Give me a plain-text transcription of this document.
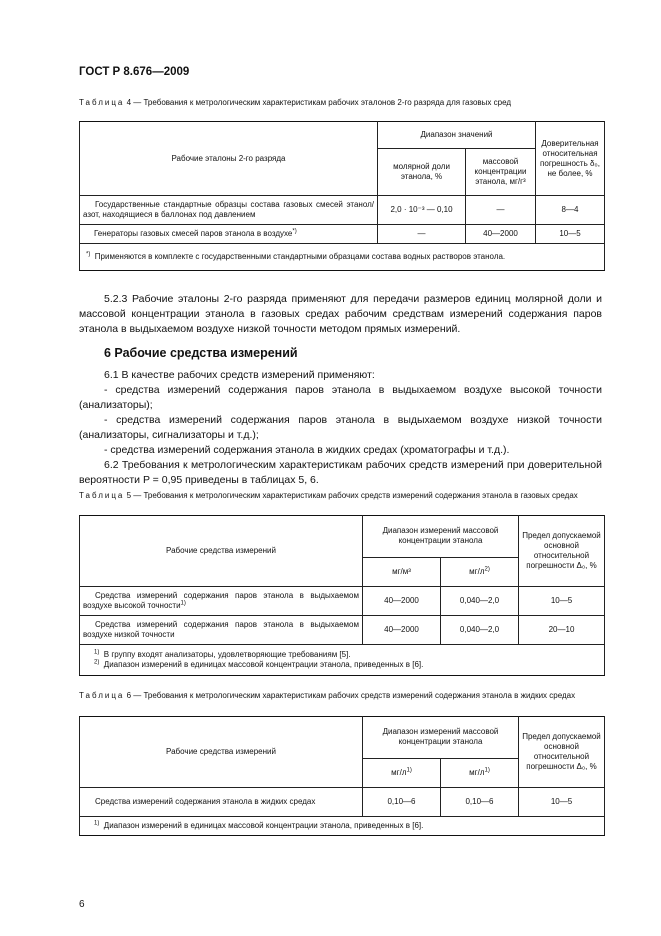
ГОСТ Р 8.676—2009
Таблица 4 — Требования к метрологическим характеристикам рабочих эталонов 2-го разряда для газовых сред
Рабочие эталоны 2-го разряда	Диапазон значений		Доверительная относительная погрешность δ₀, не более, %
	молярной доли этанола, %	массовой концентрации этанола, мг/г³	
Государственные стандартные образцы состава газовых смесей этанол/азот, находящиеся в баллонах под давлением	2,0 · 10⁻³ — 0,10	—	8—4
Генераторы газовых смесей паров этанола в воздухе*)	—	40—2000	10—5
*) Применяются в комплекте с государственными стандартными образцами состава водных растворов этанола.			
5.2.3 Рабочие эталоны 2-го разряда применяют для передачи размеров единиц молярной доли и массовой концентрации этанола в газовых средах рабочим средствам измерений содержания паров этанола в выдыхаемом воздухе низкой точности методом прямых измерений.
6 Рабочие средства измерений
6.1 В качестве рабочих средств измерений применяют:
- средства измерений содержания паров этанола в выдыхаемом воздухе высокой точности (анализаторы);
- средства измерений содержания паров этанола в выдыхаемом воздухе низкой точности (анализаторы, сигнализаторы и т.д.);
- средства измерений содержания этанола в жидких средах (хроматографы и т.д.).
6.2 Требования к метрологическим характеристикам рабочих средств измерений при доверительной вероятности P = 0,95 приведены в таблицах 5, 6.
Таблица 5 — Требования к метрологическим характеристикам рабочих средств измерений содержания этанола в газовых средах
Рабочие средства измерений	Диапазон измерений массовой концентрации этанола		Предел допускаемой основной относительной погрешности Δ₀, %
	мг/м³	$мг/л^{2)}$
Средства измерений содержания паров этанола в выдыхаемом воздухе высокой точности$^{1)}$	40—2000	0,040—2,0	10—5
Средства измерений содержания паров этанола в выдыхаемом воздухе низкой точности	40—2000	0,040—2,0	20—10

$^{1)}$ В группу входят анализаторы, удовлетворяющие требованиям [5].
$^{2)}$ Диапазон измерений в единицах массовой концентрации этанола, приведенных в [6].			
Таблица 6 — Требования к метрологическим характеристикам рабочих средств измерений содержания этанола в жидких средах
Рабочие средства измерений	Диапазон измерений массовой концентрации этанола		Предел допускаемой основной относительной погрешности Δ₀, %
	$мг/л^{1)}$	$мг/л^{1)}$
Средства измерений содержания этанола в жидких средах	0,10—6	0,10—6	10—5
$^{1)}$ Диапазон измерений в единицах массовой концентрации этанола, приведенных в [6].			
6
